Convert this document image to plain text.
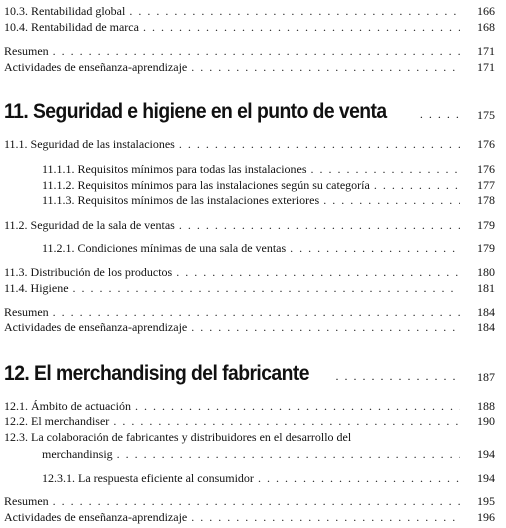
10.3. Rentabilidad global . . .	166
10.4. Rentabilidad de marca . . .	168
Resumen . . .	171
Actividades de enseñanza-aprendizaje . . .	171
11. Seguridad e higiene en el punto de venta . . .	175
11.1. Seguridad de las instalaciones . . .	176
11.1.1. Requisitos mínimos para todas las instalaciones . . .	176
11.1.2. Requisitos mínimos para las instalaciones según su categoría . . .	177
11.1.3. Requisitos mínimos de las instalaciones exteriores . . .	178
11.2. Seguridad de la sala de ventas . . .	179
11.2.1. Condiciones mínimas de una sala de ventas . . .	179
11.3. Distribución de los productos . . .	180
11.4. Higiene . . .	181
Resumen . . .	184
Actividades de enseñanza-aprendizaje . . .	184
12. El merchandising del fabricante . . .	187
12.1. Ámbito de actuación . . .	188
12.2. El merchandiser . . .	190
12.3. La colaboración de fabricantes y distribuidores en el desarrollo del
merchandinsig . . .	194
12.3.1. La respuesta eficiente al consumidor . . .	194
Resumen . . .	195
Actividades de enseñanza-aprendizaje . . .	196
